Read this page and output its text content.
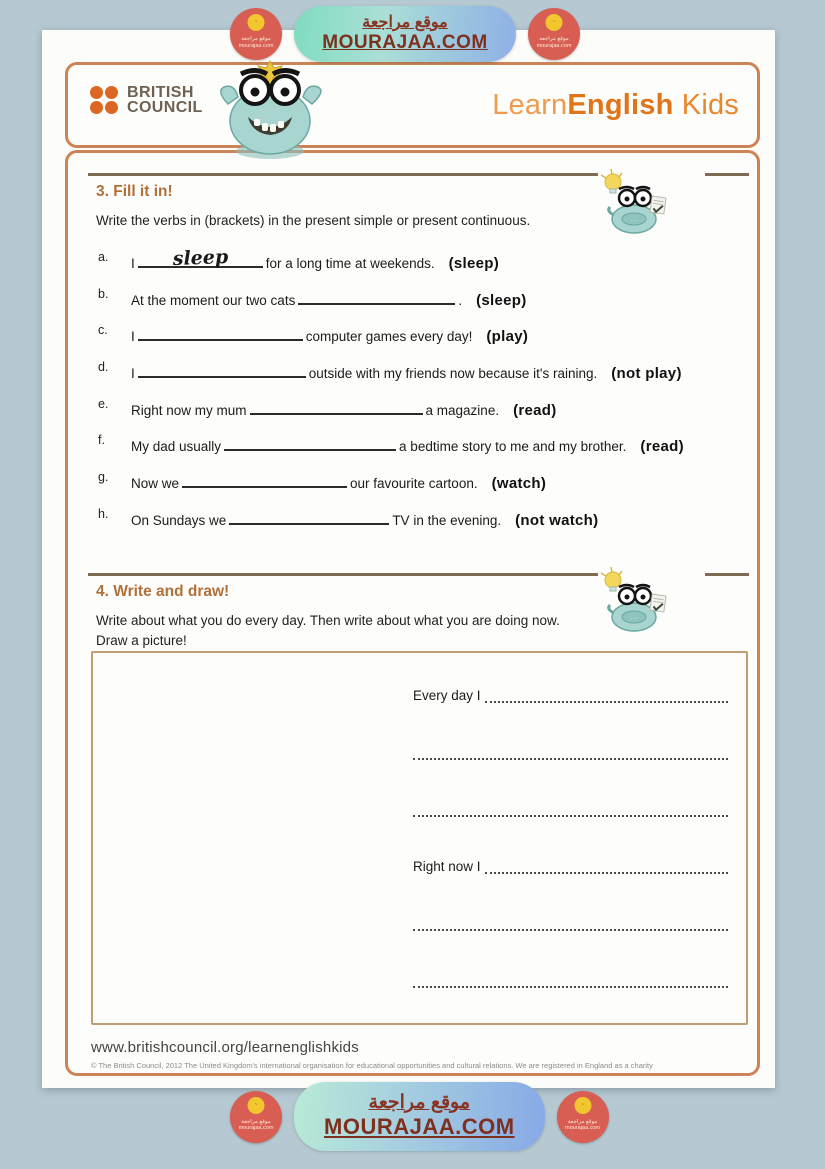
BRITISH
COUNCIL	LearnEnglish Kids
3. Fill it in!
Write the verbs in (brackets) in the present simple or present continuous.	····
a.	I	sleep	for a long time at weekends. (sleep)
b.	At the moment our two cats	. (sleep)
c.	I	computer games every day! (play)
d.	I	outside with my friends now because it's raining. (not play)
e.	Right now my mum	a magazine. (read)
f.	My dad usually	a bedtime story to me and my brother. (read)
g.	Now we	our favourite cartoon. (watch)
h.	On Sundays we	TV in the evening. (not watch)
4. Write and draw!
Write about what you do every day. Then write about what you are doing now.
Draw a picture!
····
Every day I
Right now I
www.britishcouncil.org/learnenglishkids
© The British Council, 2012 The United Kingdom's international organisation for educational opportunities and cultural relations. We are registered in England as a charity
~
موقع مراجعة
mourajaa.com
موقع مراجعة
MOURAJAA.COM
~
موقع مراجعة
mourajaa.com
~
موقع مراجعة
mourajaa.com
موقع مراجعة
MOURAJAA.COM
~
موقع مراجعة
mourajaa.com
